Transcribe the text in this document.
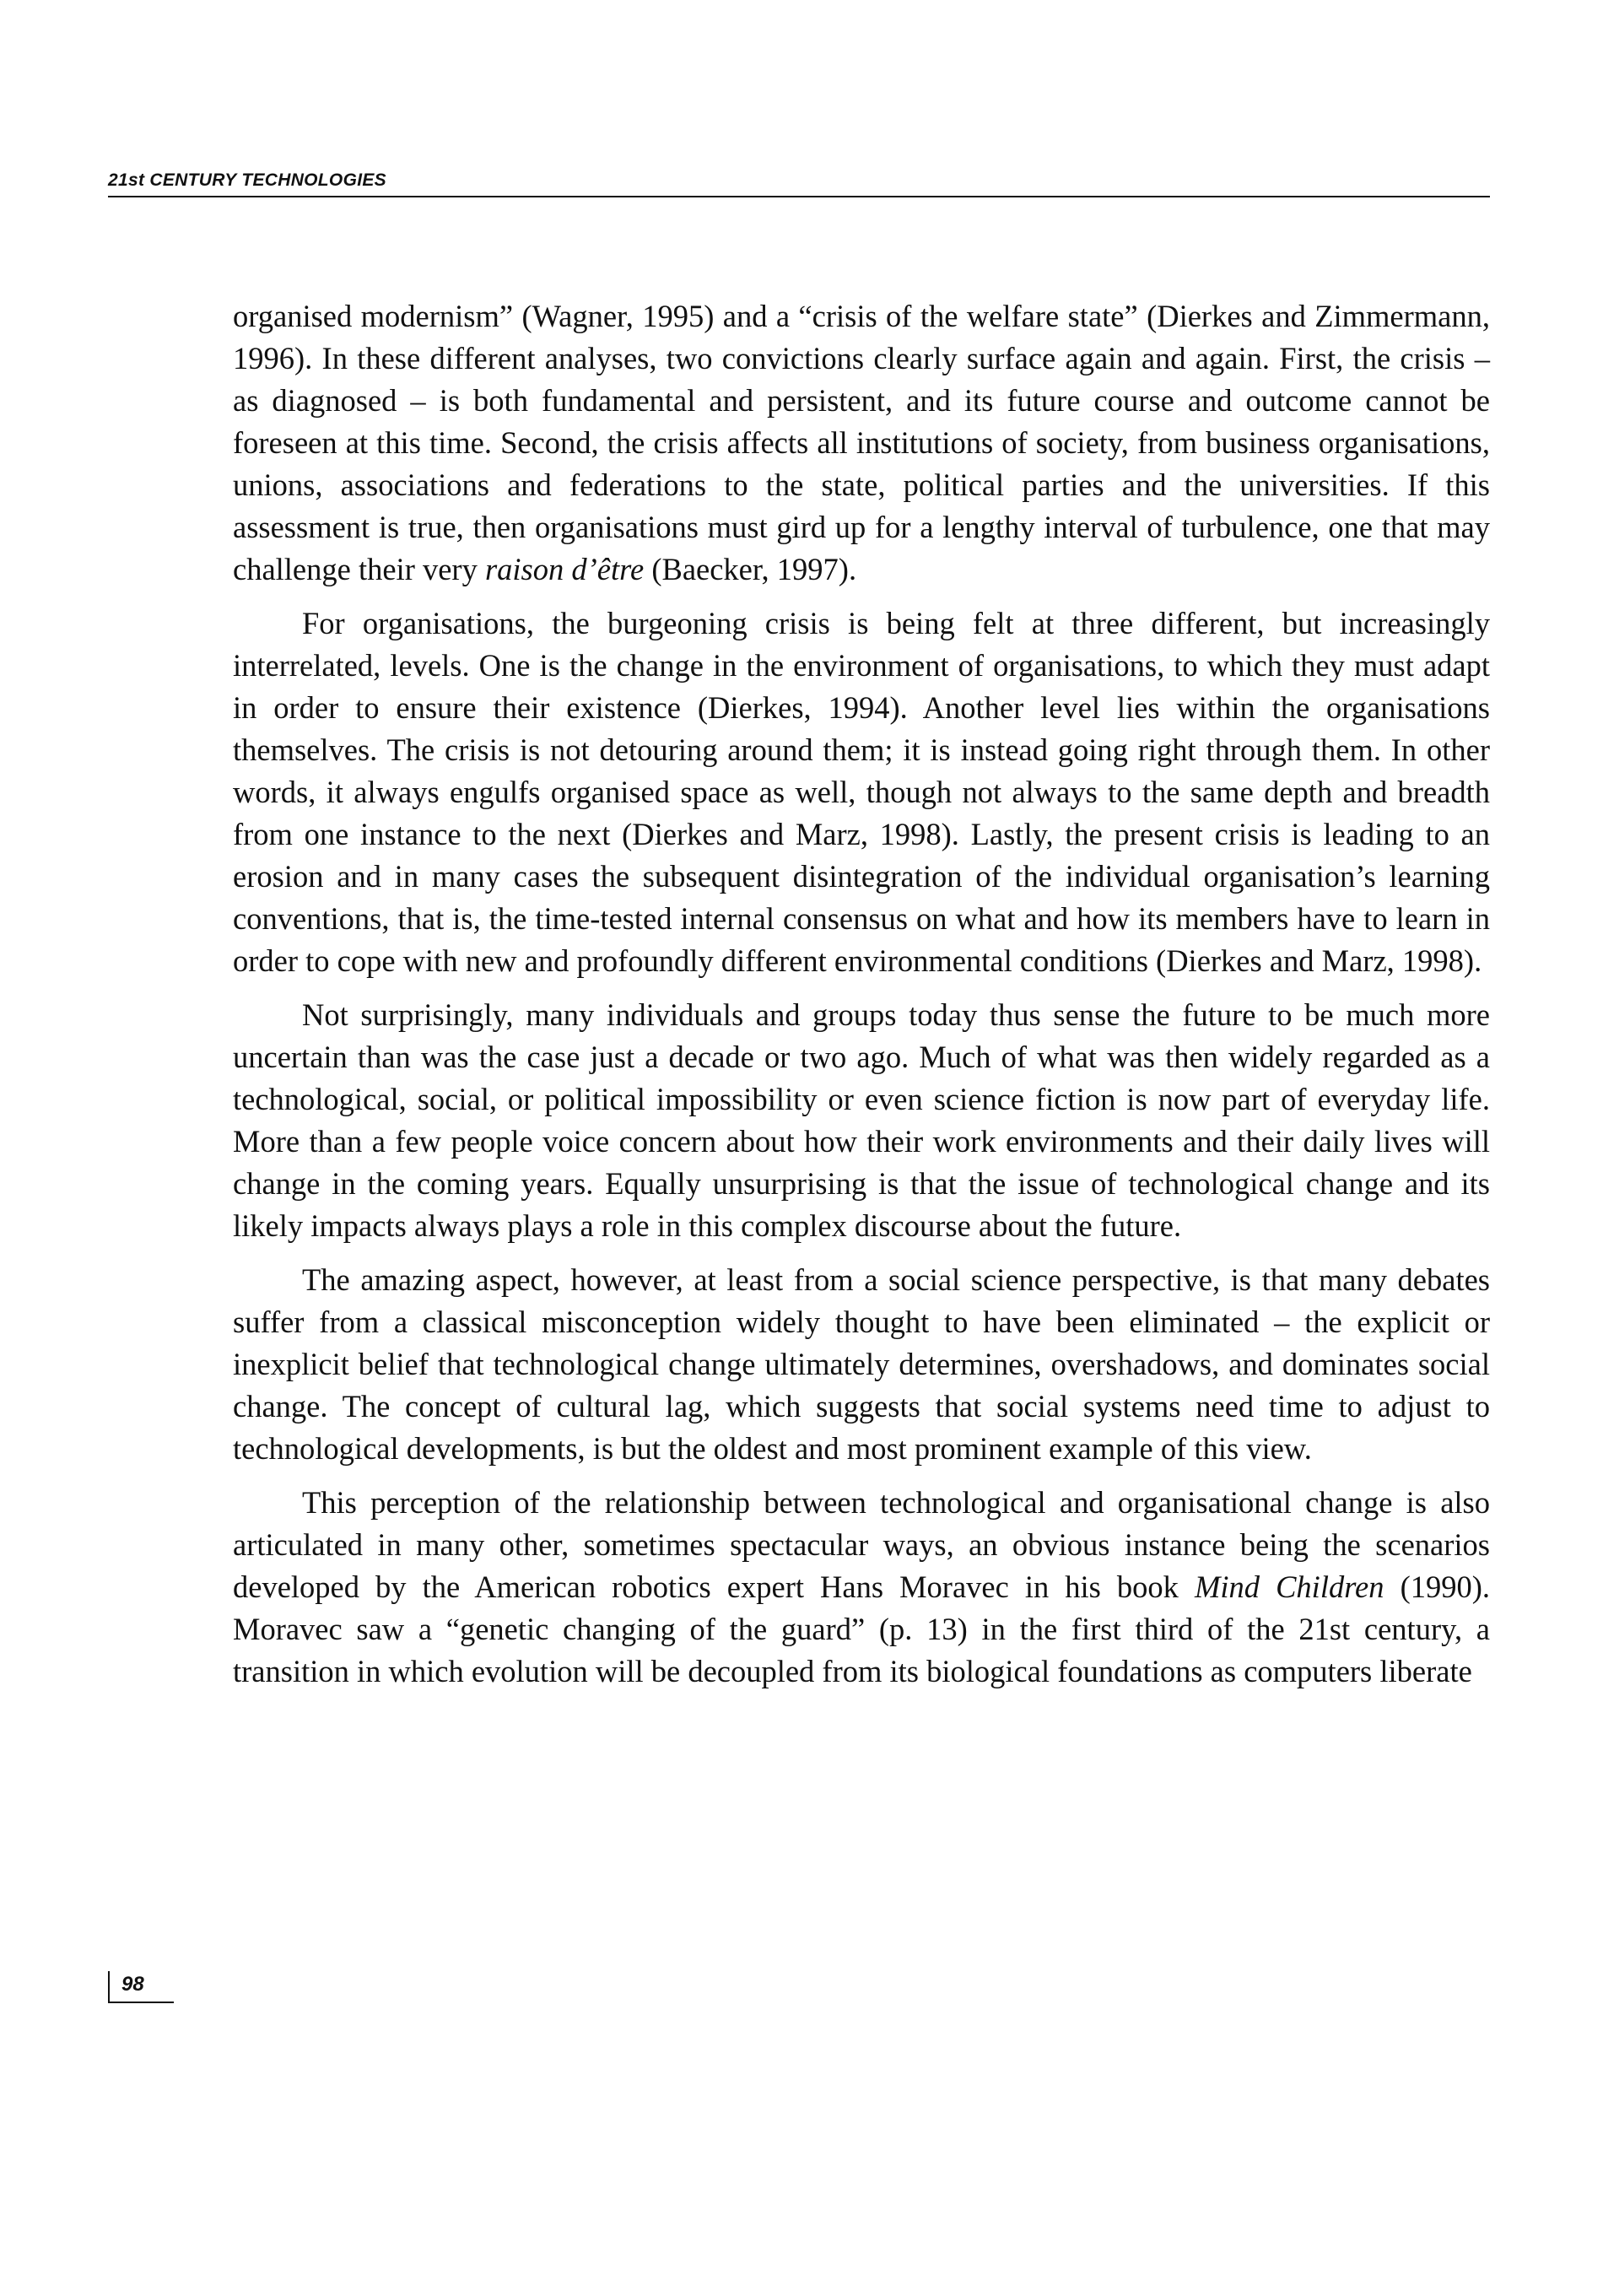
21st CENTURY TECHNOLOGIES

organised modernism” (Wagner, 1995) and a “crisis of the welfare state” (Dierkes and Zimmermann, 1996). In these different analyses, two convictions clearly surface again and again. First, the crisis – as diagnosed – is both fundamental and persistent, and its future course and outcome cannot be foreseen at this time. Second, the crisis affects all institutions of society, from business organisations, unions, associations and federations to the state, political parties and the universities. If this assessment is true, then organisations must gird up for a lengthy interval of turbulence, one that may challenge their very raison d’être (Baecker, 1997).

For organisations, the burgeoning crisis is being felt at three different, but increasingly interrelated, levels. One is the change in the environment of organisations, to which they must adapt in order to ensure their existence (Dierkes, 1994). Another level lies within the organisations themselves. The crisis is not detouring around them; it is instead going right through them. In other words, it always engulfs organised space as well, though not always to the same depth and breadth from one instance to the next (Dierkes and Marz, 1998). Lastly, the present crisis is leading to an erosion and in many cases the subsequent disintegration of the individual organisation’s learning conventions, that is, the time-tested internal consensus on what and how its members have to learn in order to cope with new and profoundly different environmental conditions (Dierkes and Marz, 1998).

Not surprisingly, many individuals and groups today thus sense the future to be much more uncertain than was the case just a decade or two ago. Much of what was then widely regarded as a technological, social, or political impossibility or even science fiction is now part of everyday life. More than a few people voice concern about how their work environments and their daily lives will change in the coming years. Equally unsurprising is that the issue of technological change and its likely impacts always plays a role in this complex discourse about the future.

The amazing aspect, however, at least from a social science perspective, is that many debates suffer from a classical misconception widely thought to have been eliminated – the explicit or inexplicit belief that technological change ultimately determines, overshadows, and dominates social change. The concept of cultural lag, which suggests that social systems need time to adjust to technological developments, is but the oldest and most prominent example of this view.

This perception of the relationship between technological and organisational change is also articulated in many other, sometimes spectacular ways, an obvious instance being the scenarios developed by the American robotics expert Hans Moravec in his book Mind Children (1990). Moravec saw a “genetic changing of the guard” (p. 13) in the first third of the 21st century, a transition in which evolution will be decoupled from its biological foundations as computers liberate

98
